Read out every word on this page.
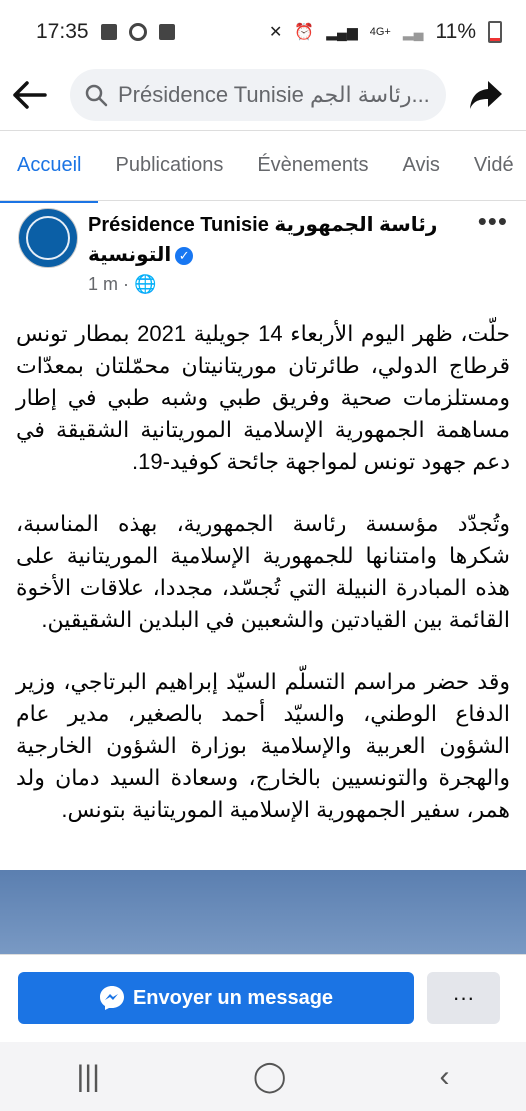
17:35	✕ ⏰ ▂▄▆ 4G+ ▂▄ 11%
Présidence Tunisie رئاسة الجم...
Accueil	Publications	Évènements	Avis	Vidé
Présidence Tunisie رئاسة الجمهورية
التونسية ✓
1 m · 🌐
•••

حلّت، ظهر اليوم الأربعاء 14 جويلية 2021 بمطار تونس قرطاج الدولي، طائرتان موريتانيتان محمّلتان بمعدّات ومستلزمات صحية وفريق طبي وشبه طبي في إطار مساهمة الجمهورية الإسلامية الموريتانية الشقيقة في دعم جهود تونس لمواجهة جائحة كوفيد-19.

وتُجدّد مؤسسة رئاسة الجمهورية، بهذه المناسبة، شكرها وامتنانها للجمهورية الإسلامية الموريتانية على هذه المبادرة النبيلة التي تُجسّد، مجددا، علاقات الأخوة القائمة بين القيادتين والشعبين في البلدين الشقيقين.

وقد حضر مراسم التسلّم السيّد إبراهيم البرتاجي، وزير الدفاع الوطني، والسيّد أحمد بالصغير، مدير عام الشؤون العربية والإسلامية بوزارة الشؤون الخارجية والهجرة والتونسيين بالخارج، وسعادة السيد دمان ولد همر، سفير الجمهورية الإسلامية الموريتانية بتونس.

Envoyer un message	···
|||	◯	‹
